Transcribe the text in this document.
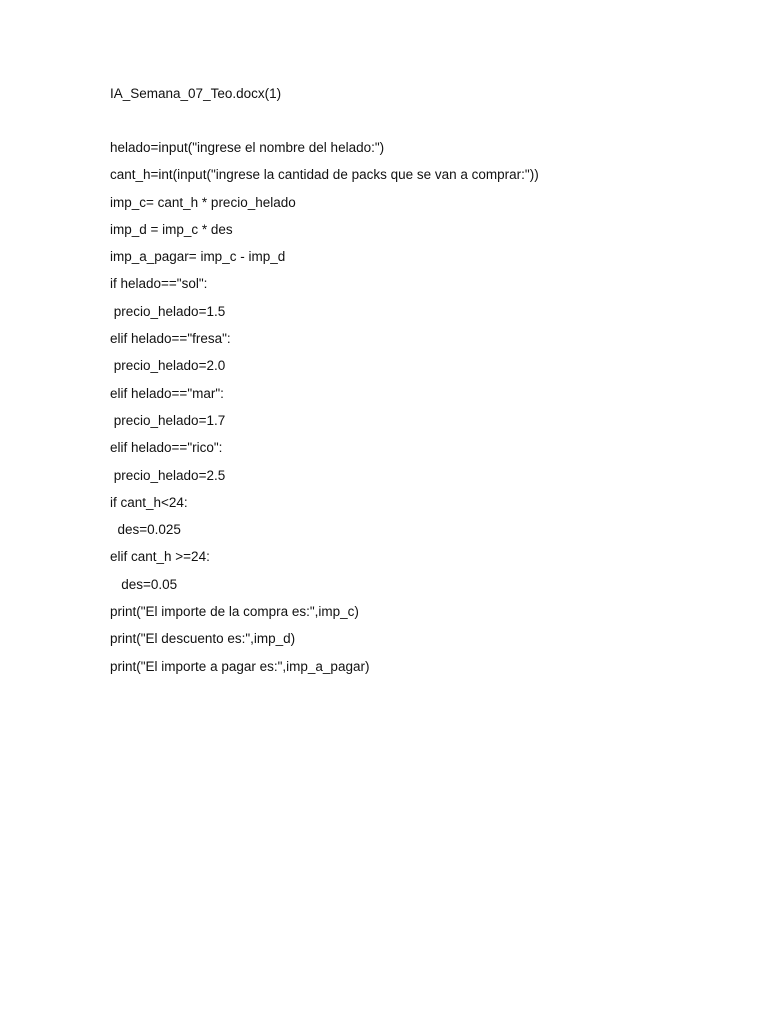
IA_Semana_07_Teo.docx(1)
helado=input("ingrese el nombre del helado:")
cant_h=int(input("ingrese la cantidad de packs que se van a comprar:"))
imp_c= cant_h * precio_helado
imp_d = imp_c * des
imp_a_pagar= imp_c - imp_d
if helado=="sol":
precio_helado=1.5
elif helado=="fresa":
precio_helado=2.0
elif helado=="mar":
precio_helado=1.7
elif helado=="rico":
precio_helado=2.5
if cant_h<24:
des=0.025
elif cant_h >=24:
des=0.05
print("El importe de la compra es:",imp_c)
print("El descuento es:",imp_d)
print("El importe a pagar es:",imp_a_pagar)
